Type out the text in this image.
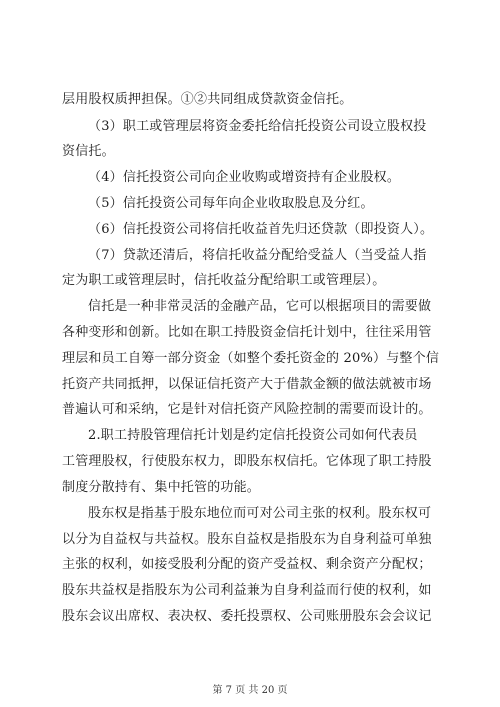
层用股权质押担保。①②共同组成贷款资金信托。
（3）职工或管理层将资金委托给信托投资公司设立股权投
资信托。
（4）信托投资公司向企业收购或增资持有企业股权。
（5）信托投资公司每年向企业收取股息及分红。
（6）信托投资公司将信托收益首先归还贷款（即投资人）。
（7）贷款还清后，将信托收益分配给受益人（当受益人指
定为职工或管理层时，信托收益分配给职工或管理层）。
信托是一种非常灵活的金融产品，它可以根据项目的需要做
各种变形和创新。比如在职工持股资金信托计划中，往往采用管
理层和员工自筹一部分资金（如整个委托资金的 20%）与整个信
托资产共同抵押，以保证信托资产大于借款金额的做法就被市场
普遍认可和采纳，它是针对信托资产风险控制的需要而设计的。
2.职工持股管理信托计划是约定信托投资公司如何代表员
工管理股权，行使股东权力，即股东权信托。它体现了职工持股
制度分散持有、集中托管的功能。
股东权是指基于股东地位而可对公司主张的权利。股东权可
以分为自益权与共益权。股东自益权是指股东为自身利益可单独
主张的权利，如接受股利分配的资产受益权、剩余资产分配权；
股东共益权是指股东为公司利益兼为自身利益而行使的权利，如
股东会议出席权、表决权、委托投票权、公司账册股东会会议记
第 7 页 共 20 页
